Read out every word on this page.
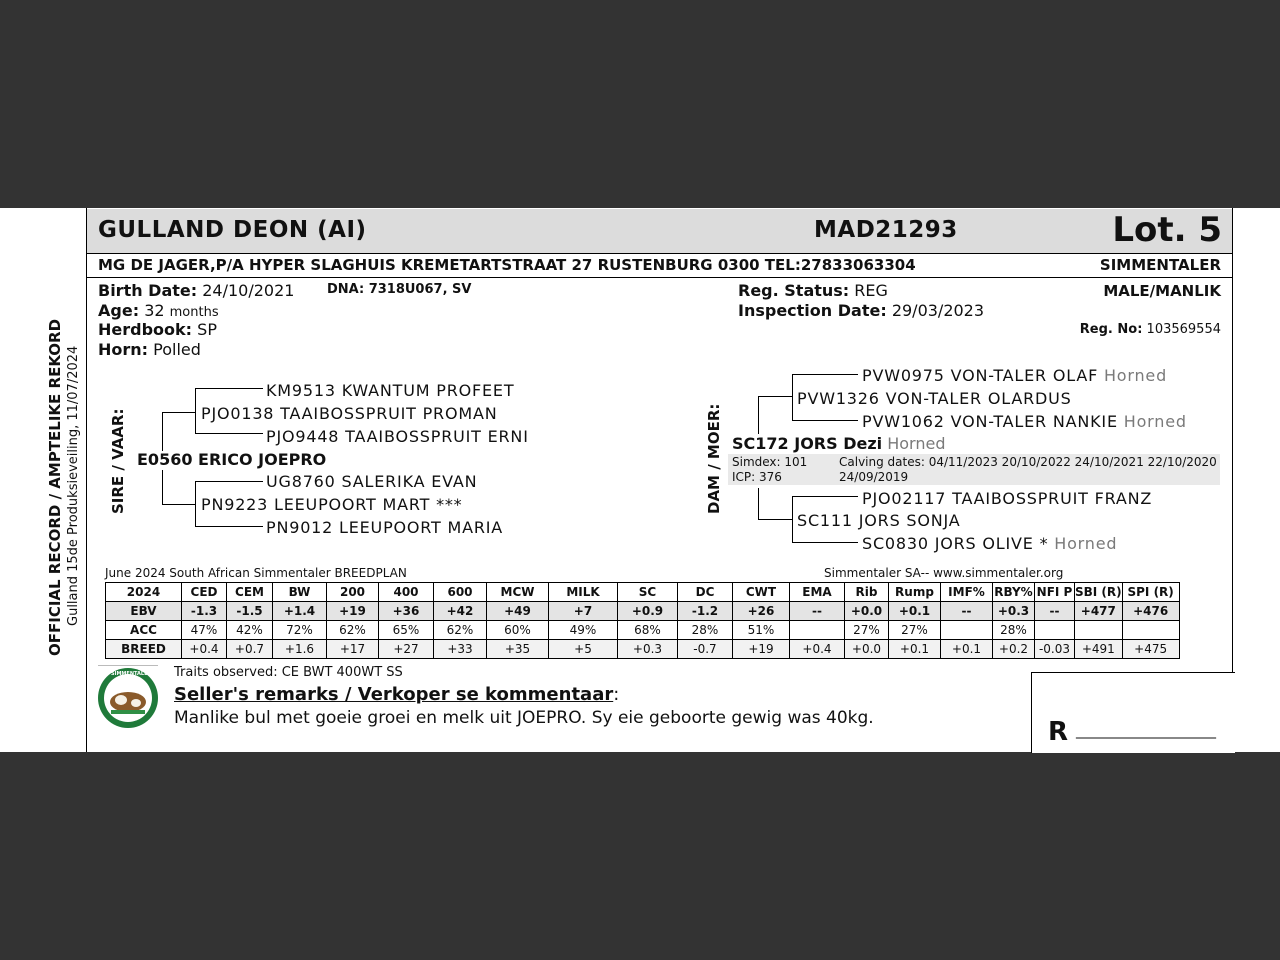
GULLAND DEON (AI)	MAD21293	Lot. 5
MG DE JAGER,P/A HYPER SLAGHUIS KREMETARTSTRAAT 27 RUSTENBURG 0300 TEL:27833063304	SIMMENTALER
Birth Date: 24/10/2021	DNA: 7318U067, SV
Age: 32 months
Herdbook: SP
Horn: Polled
Reg. Status: REG
Inspection Date: 29/03/2023
MALE/MANLIK
Reg. No: 103569554
OFFICIAL RECORD / AMPTELIKE REKORD Gulland 15de Produksieveiling, 11/07/2024 SIRE / VAAR:	DAM / MOER:
KM9513 KWANTUM PROFEET
PJO0138 TAAIBOSSPRUIT PROMAN
PJO9448 TAAIBOSSPRUIT ERNI
E0560 ERICO JOEPRO
UG8760 SALERIKA EVAN
PN9223 LEEUPOORT MART ***
PN9012 LEEUPOORT MARIA
PVW0975 VON-TALER OLAF Horned
PVW1326 VON-TALER OLARDUS
PVW1062 VON-TALER NANKIE Horned
SC172 JORS Dezi Horned
Simdex: 101
ICP: 376
Calving dates: 04/11/2023 20/10/2022 24/10/2021 22/10/2020
24/09/2019
PJO02117 TAAIBOSSPRUIT FRANZ
SC111 JORS SONJA
SC0830 JORS OLIVE * Horned
June 2024 South African Simmentaler BREEDPLAN	Simmentaler SA-- www.simmentaler.org
2024	CED	CEM	BW	200	400	600	MCW	MILK	SC	DC	CWT	EMA	Rib	Rump	IMF%	RBY%	NFI P	SBI (R)	SPI (R)
EBV	-1.3	-1.5	+1.4	+19	+36	+42	+49	+7	+0.9	-1.2	+26	--	+0.0	+0.1	--	+0.3	--	+477	+476
ACC	47%	42%	72%	62%	65%	62%	60%	49%	68%	28%	51%		27%	27%		28%			
BREED	+0.4	+0.7	+1.6	+17	+27	+33	+35	+5	+0.3	-0.7	+19	+0.4	+0.0	+0.1	+0.1	+0.2	-0.03	+491	+475
SIMMENTALER Traits observed: CE BWT 400WT SS
Seller's remarks / Verkoper se kommentaar:
Manlike bul met goeie groei en melk uit JOEPRO. Sy eie geboorte gewig was 40kg.	R ____________________
